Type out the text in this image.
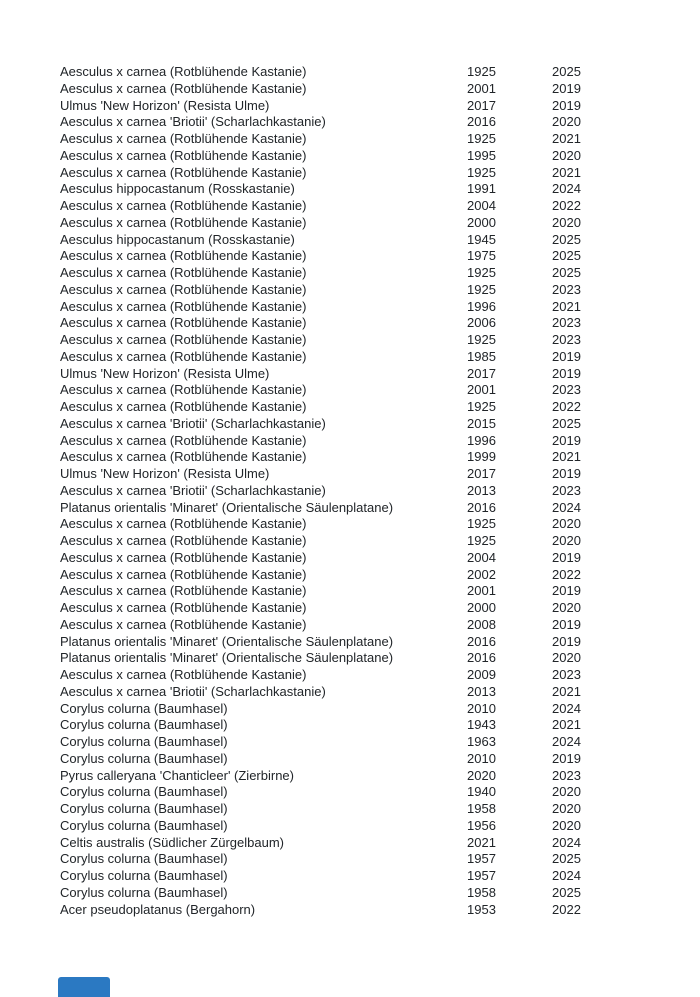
Aesculus x carnea (Rotblühende Kastanie)	1925	2025
Aesculus x carnea (Rotblühende Kastanie)	2001	2019
Ulmus 'New Horizon' (Resista Ulme)	2017	2019
Aesculus x carnea 'Briotii' (Scharlachkastanie)	2016	2020
Aesculus x carnea (Rotblühende Kastanie)	1925	2021
Aesculus x carnea (Rotblühende Kastanie)	1995	2020
Aesculus x carnea (Rotblühende Kastanie)	1925	2021
Aesculus hippocastanum (Rosskastanie)	1991	2024
Aesculus x carnea (Rotblühende Kastanie)	2004	2022
Aesculus x carnea (Rotblühende Kastanie)	2000	2020
Aesculus hippocastanum (Rosskastanie)	1945	2025
Aesculus x carnea (Rotblühende Kastanie)	1975	2025
Aesculus x carnea (Rotblühende Kastanie)	1925	2025
Aesculus x carnea (Rotblühende Kastanie)	1925	2023
Aesculus x carnea (Rotblühende Kastanie)	1996	2021
Aesculus x carnea (Rotblühende Kastanie)	2006	2023
Aesculus x carnea (Rotblühende Kastanie)	1925	2023
Aesculus x carnea (Rotblühende Kastanie)	1985	2019
Ulmus 'New Horizon' (Resista Ulme)	2017	2019
Aesculus x carnea (Rotblühende Kastanie)	2001	2023
Aesculus x carnea (Rotblühende Kastanie)	1925	2022
Aesculus x carnea 'Briotii' (Scharlachkastanie)	2015	2025
Aesculus x carnea (Rotblühende Kastanie)	1996	2019
Aesculus x carnea (Rotblühende Kastanie)	1999	2021
Ulmus 'New Horizon' (Resista Ulme)	2017	2019
Aesculus x carnea 'Briotii' (Scharlachkastanie)	2013	2023
Platanus orientalis 'Minaret' (Orientalische Säulenplatane)	2016	2024
Aesculus x carnea (Rotblühende Kastanie)	1925	2020
Aesculus x carnea (Rotblühende Kastanie)	1925	2020
Aesculus x carnea (Rotblühende Kastanie)	2004	2019
Aesculus x carnea (Rotblühende Kastanie)	2002	2022
Aesculus x carnea (Rotblühende Kastanie)	2001	2019
Aesculus x carnea (Rotblühende Kastanie)	2000	2020
Aesculus x carnea (Rotblühende Kastanie)	2008	2019
Platanus orientalis 'Minaret' (Orientalische Säulenplatane)	2016	2019
Platanus orientalis 'Minaret' (Orientalische Säulenplatane)	2016	2020
Aesculus x carnea (Rotblühende Kastanie)	2009	2023
Aesculus x carnea 'Briotii' (Scharlachkastanie)	2013	2021
Corylus colurna (Baumhasel)	2010	2024
Corylus colurna (Baumhasel)	1943	2021
Corylus colurna (Baumhasel)	1963	2024
Corylus colurna (Baumhasel)	2010	2019
Pyrus calleryana 'Chanticleer' (Zierbirne)	2020	2023
Corylus colurna (Baumhasel)	1940	2020
Corylus colurna (Baumhasel)	1958	2020
Corylus colurna (Baumhasel)	1956	2020
Celtis australis (Südlicher Zürgelbaum)	2021	2024
Corylus colurna (Baumhasel)	1957	2025
Corylus colurna (Baumhasel)	1957	2024
Corylus colurna (Baumhasel)	1958	2025
Acer pseudoplatanus (Bergahorn)	1953	2022
